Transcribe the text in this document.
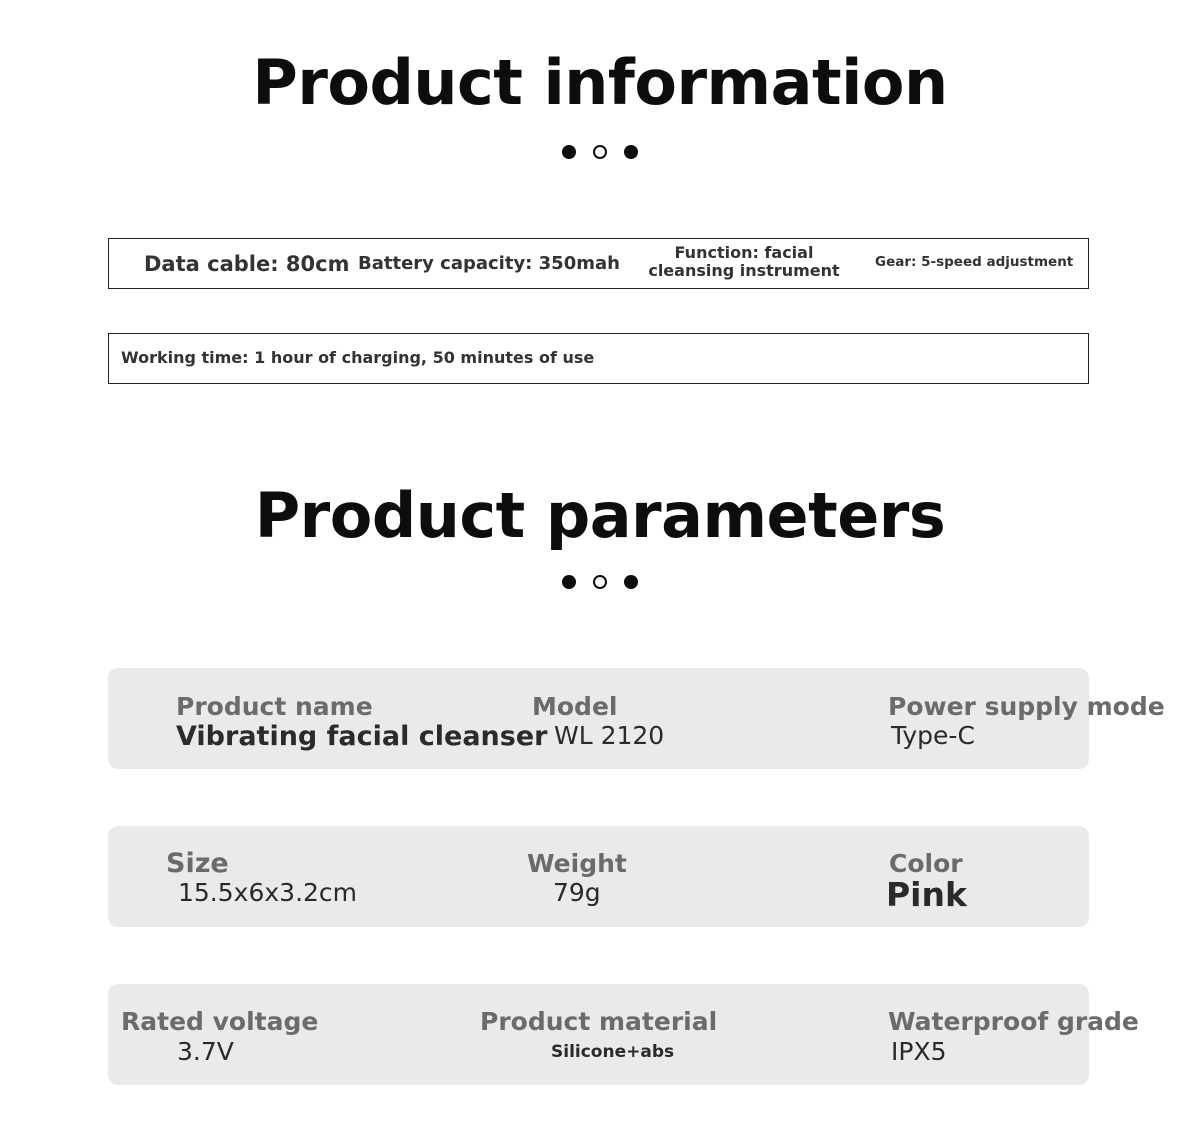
Product information
Data cable: 80cm Battery capacity: 350mah
Function: facial
cleansing instrument	Gear: 5-speed adjustment
Working time: 1 hour of charging, 50 minutes of use
Product parameters
Product name
Vibrating facial cleanser
Model
WL 2120
Power supply mode
Type-C
Size
15.5x6x3.2cm
Weight
79g
Color
Pink
Rated voltage
3.7V
Product material
Silicone+abs
Waterproof grade
IPX5
